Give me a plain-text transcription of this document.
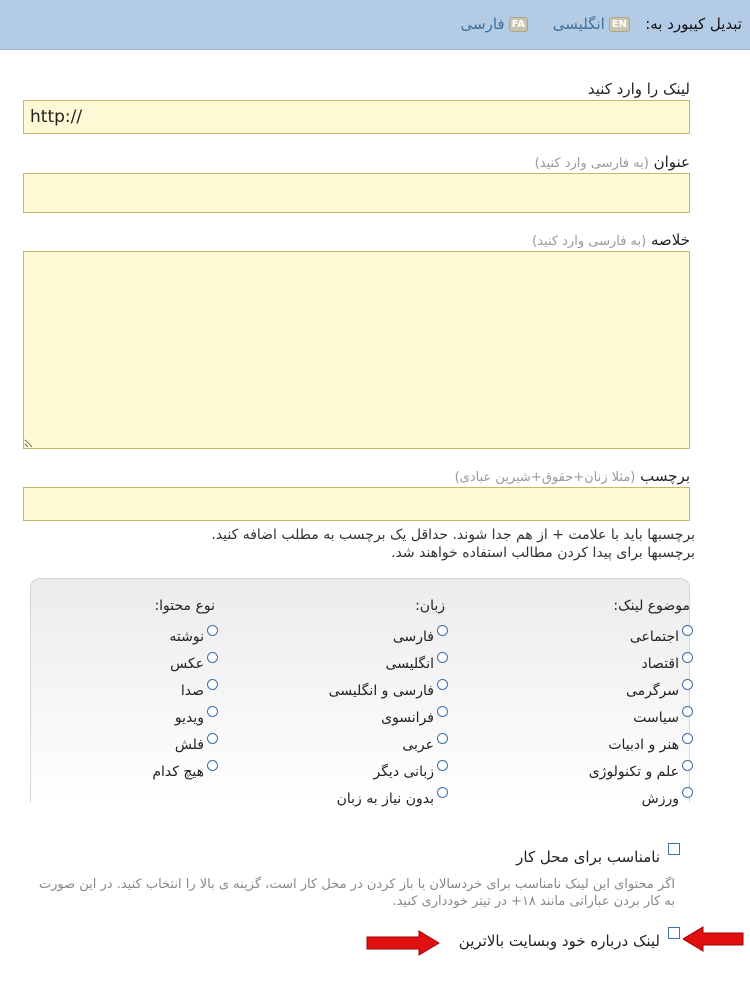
تبدیل کیبورد به:
ENانگلیسی
FAفارسی
لینک را وارد کنید
http://
عنوان (به فارسی وارد کنید)
خلاصه (به فارسی وارد کنید)
برچسب (مثلا زنان+حقوق+شیرین عبادی)
برچسبها باید با علامت + از هم جدا شوند. حداقل یک برچسب به مطلب اضافه کنید.
برچسبها برای پیدا کردن مطالب استفاده خواهند شد.
موضوع لینک:
اجتماعی
اقتصاد
سرگرمی
سیاست
هنر و ادبیات
علم و تکنولوژی
ورزش
زبان:
فارسی
انگلیسی
فارسی و انگلیسی
فرانسوی
عربی
زبانی دیگر
بدون نیاز به زبان
نوع محتوا:
نوشته
عکس
صدا
ویدیو
فلش
هیچ کدام
نامناسب برای محل کار
اگر محتوای این لینک نامناسب برای خردسالان یا باز کردن در محل کار است، گزینه ی بالا را انتخاب کنید. در این صورت
به کار بردن عباراتی مانند ۱۸+ در تیتر خودداری کنید.
لینک درباره خود وبسایت بالاترین
